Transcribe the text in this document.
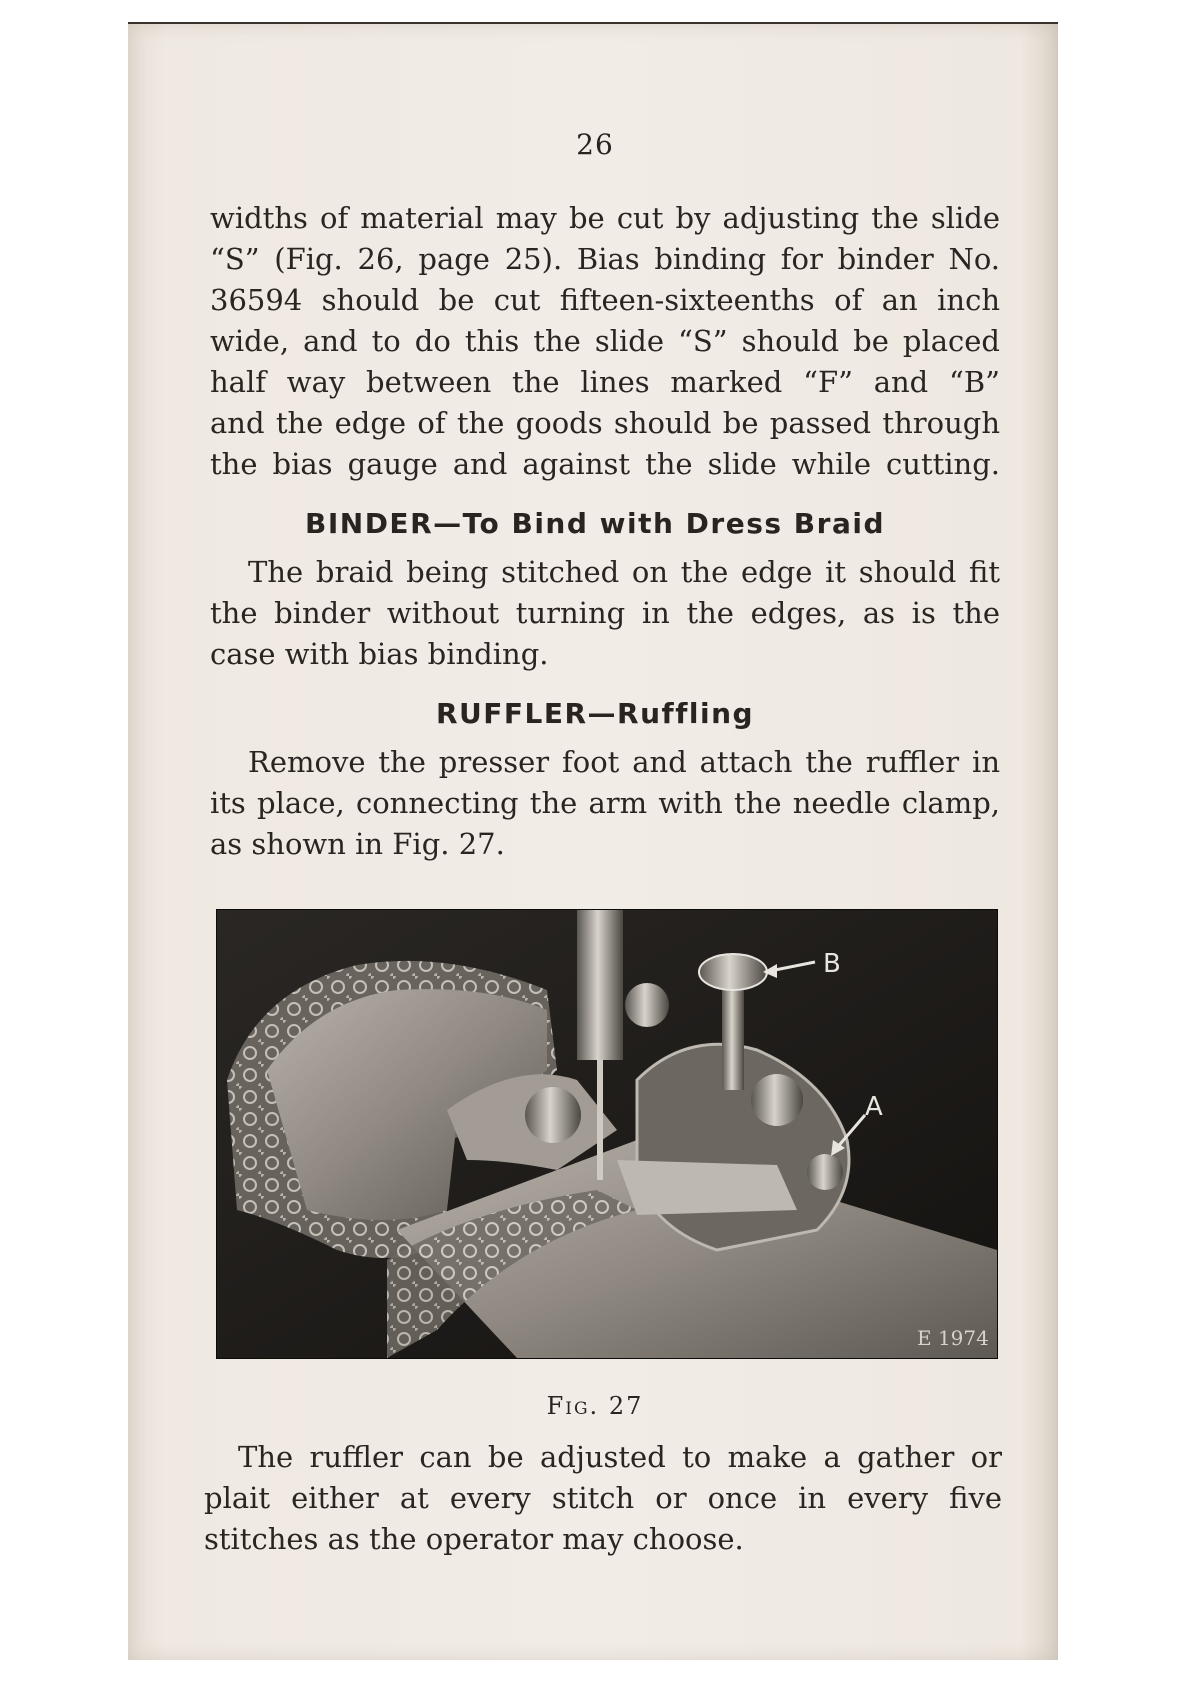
26
widths of material may be cut by adjusting the slide
“S” (Fig. 26, page 25). Bias binding for binder No.
36594 should be cut fifteen-sixteenths of an inch
wide, and to do this the slide “S” should be placed
half way between the lines marked “F” and “B”
and the edge of the goods should be passed through
the bias gauge and against the slide while cutting.
BINDER—To Bind with Dress Braid
The braid being stitched on the edge it should fit
the binder without turning in the edges, as is the
case with bias binding.
RUFFLER—Ruffling
Remove the presser foot and attach the ruffler in
its place, connecting the arm with the needle clamp,
as shown in Fig. 27.
B
A
E 1974
Fig. 27
The ruffler can be adjusted to make a gather or
plait either at every stitch or once in every five
stitches as the operator may choose.
